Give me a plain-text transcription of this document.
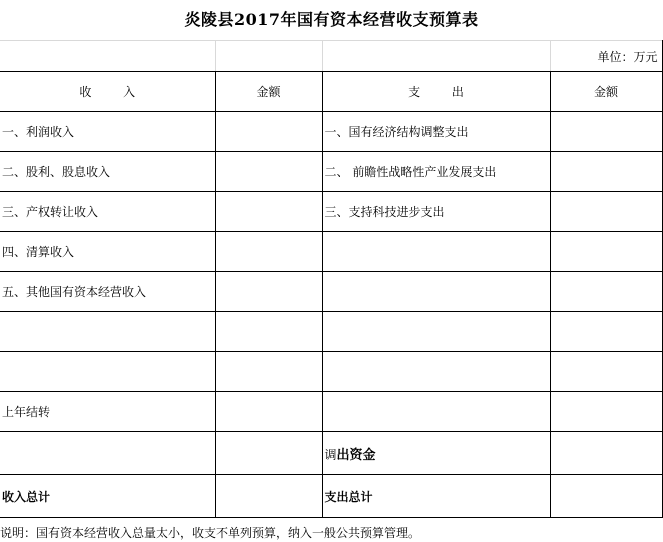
炎陵县2017年国有资本经营收支预算表
			单位：万元
收 入	金额	支 出	金额
一、利润收入		一、国有经济结构调整支出	
二、股利、股息收入		二、 前瞻性战略性产业发展支出	
三、产权转让收入		三、支持科技进步支出	
四、清算收入			
五、其他国有资本经营收入			

上年结转			
		调出资金	
收入总计		支出总计	
说明：国有资本经营收入总量太小，收支不单列预算，纳入一般公共预算管理。
